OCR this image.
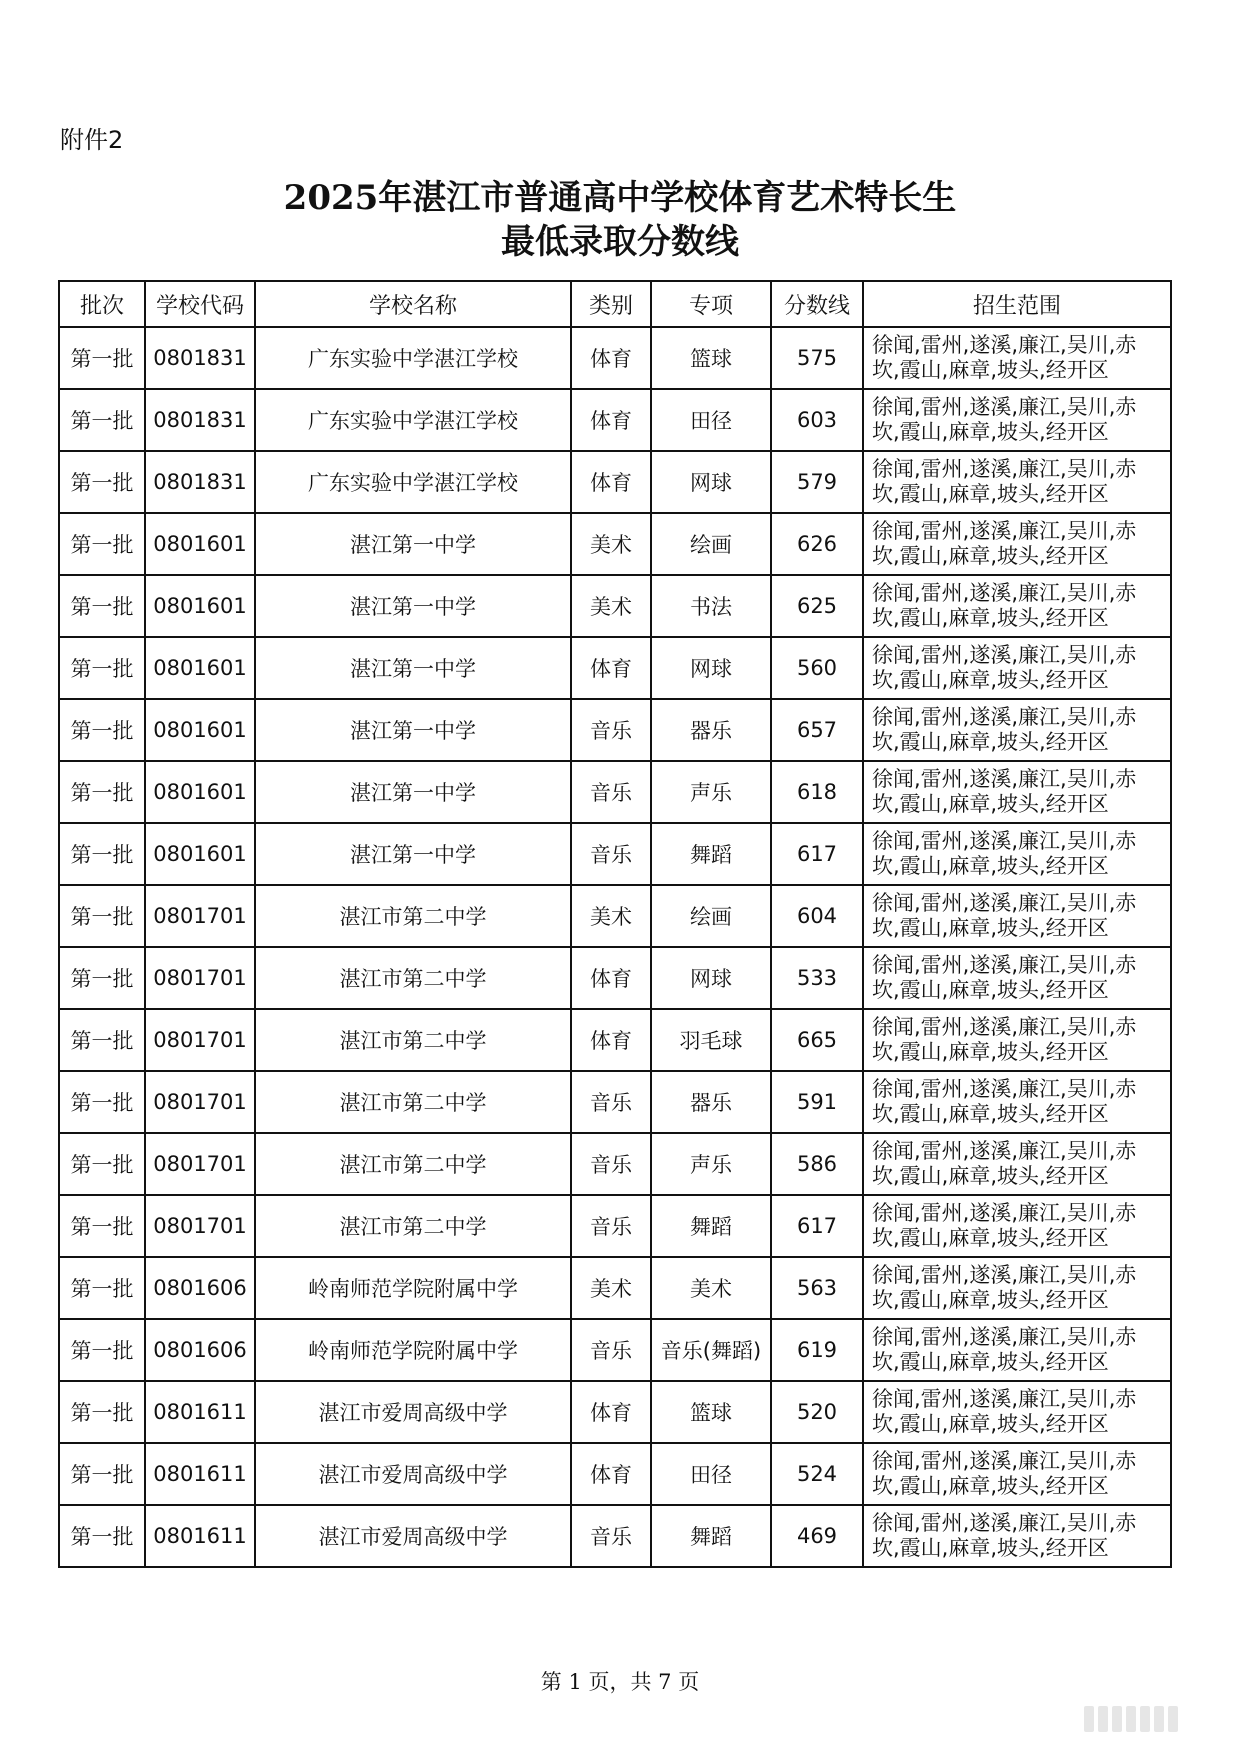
附件2
2025年湛江市普通高中学校体育艺术特长生
最低录取分数线
批次	学校代码	学校名称	类别	专项	分数线	招生范围
第一批	0801831	广东实验中学湛江学校	体育	篮球	575	徐闻,雷州,遂溪,廉江,吴川,赤
坎,霞山,麻章,坡头,经开区

第一批	0801831	广东实验中学湛江学校	体育	田径	603	徐闻,雷州,遂溪,廉江,吴川,赤
坎,霞山,麻章,坡头,经开区

第一批	0801831	广东实验中学湛江学校	体育	网球	579	徐闻,雷州,遂溪,廉江,吴川,赤
坎,霞山,麻章,坡头,经开区

第一批	0801601	湛江第一中学	美术	绘画	626	徐闻,雷州,遂溪,廉江,吴川,赤
坎,霞山,麻章,坡头,经开区

第一批	0801601	湛江第一中学	美术	书法	625	徐闻,雷州,遂溪,廉江,吴川,赤
坎,霞山,麻章,坡头,经开区

第一批	0801601	湛江第一中学	体育	网球	560	徐闻,雷州,遂溪,廉江,吴川,赤
坎,霞山,麻章,坡头,经开区

第一批	0801601	湛江第一中学	音乐	器乐	657	徐闻,雷州,遂溪,廉江,吴川,赤
坎,霞山,麻章,坡头,经开区

第一批	0801601	湛江第一中学	音乐	声乐	618	徐闻,雷州,遂溪,廉江,吴川,赤
坎,霞山,麻章,坡头,经开区

第一批	0801601	湛江第一中学	音乐	舞蹈	617	徐闻,雷州,遂溪,廉江,吴川,赤
坎,霞山,麻章,坡头,经开区

第一批	0801701	湛江市第二中学	美术	绘画	604	徐闻,雷州,遂溪,廉江,吴川,赤
坎,霞山,麻章,坡头,经开区

第一批	0801701	湛江市第二中学	体育	网球	533	徐闻,雷州,遂溪,廉江,吴川,赤
坎,霞山,麻章,坡头,经开区

第一批	0801701	湛江市第二中学	体育	羽毛球	665	徐闻,雷州,遂溪,廉江,吴川,赤
坎,霞山,麻章,坡头,经开区

第一批	0801701	湛江市第二中学	音乐	器乐	591	徐闻,雷州,遂溪,廉江,吴川,赤
坎,霞山,麻章,坡头,经开区

第一批	0801701	湛江市第二中学	音乐	声乐	586	徐闻,雷州,遂溪,廉江,吴川,赤
坎,霞山,麻章,坡头,经开区

第一批	0801701	湛江市第二中学	音乐	舞蹈	617	徐闻,雷州,遂溪,廉江,吴川,赤
坎,霞山,麻章,坡头,经开区

第一批	0801606	岭南师范学院附属中学	美术	美术	563	徐闻,雷州,遂溪,廉江,吴川,赤
坎,霞山,麻章,坡头,经开区

第一批	0801606	岭南师范学院附属中学	音乐	音乐(舞蹈)	619	徐闻,雷州,遂溪,廉江,吴川,赤
坎,霞山,麻章,坡头,经开区

第一批	0801611	湛江市爱周高级中学	体育	篮球	520	徐闻,雷州,遂溪,廉江,吴川,赤
坎,霞山,麻章,坡头,经开区

第一批	0801611	湛江市爱周高级中学	体育	田径	524	徐闻,雷州,遂溪,廉江,吴川,赤
坎,霞山,麻章,坡头,经开区

第一批	0801611	湛江市爱周高级中学	音乐	舞蹈	469	徐闻,雷州,遂溪,廉江,吴川,赤
坎,霞山,麻章,坡头,经开区
第 1 页，共 7 页
